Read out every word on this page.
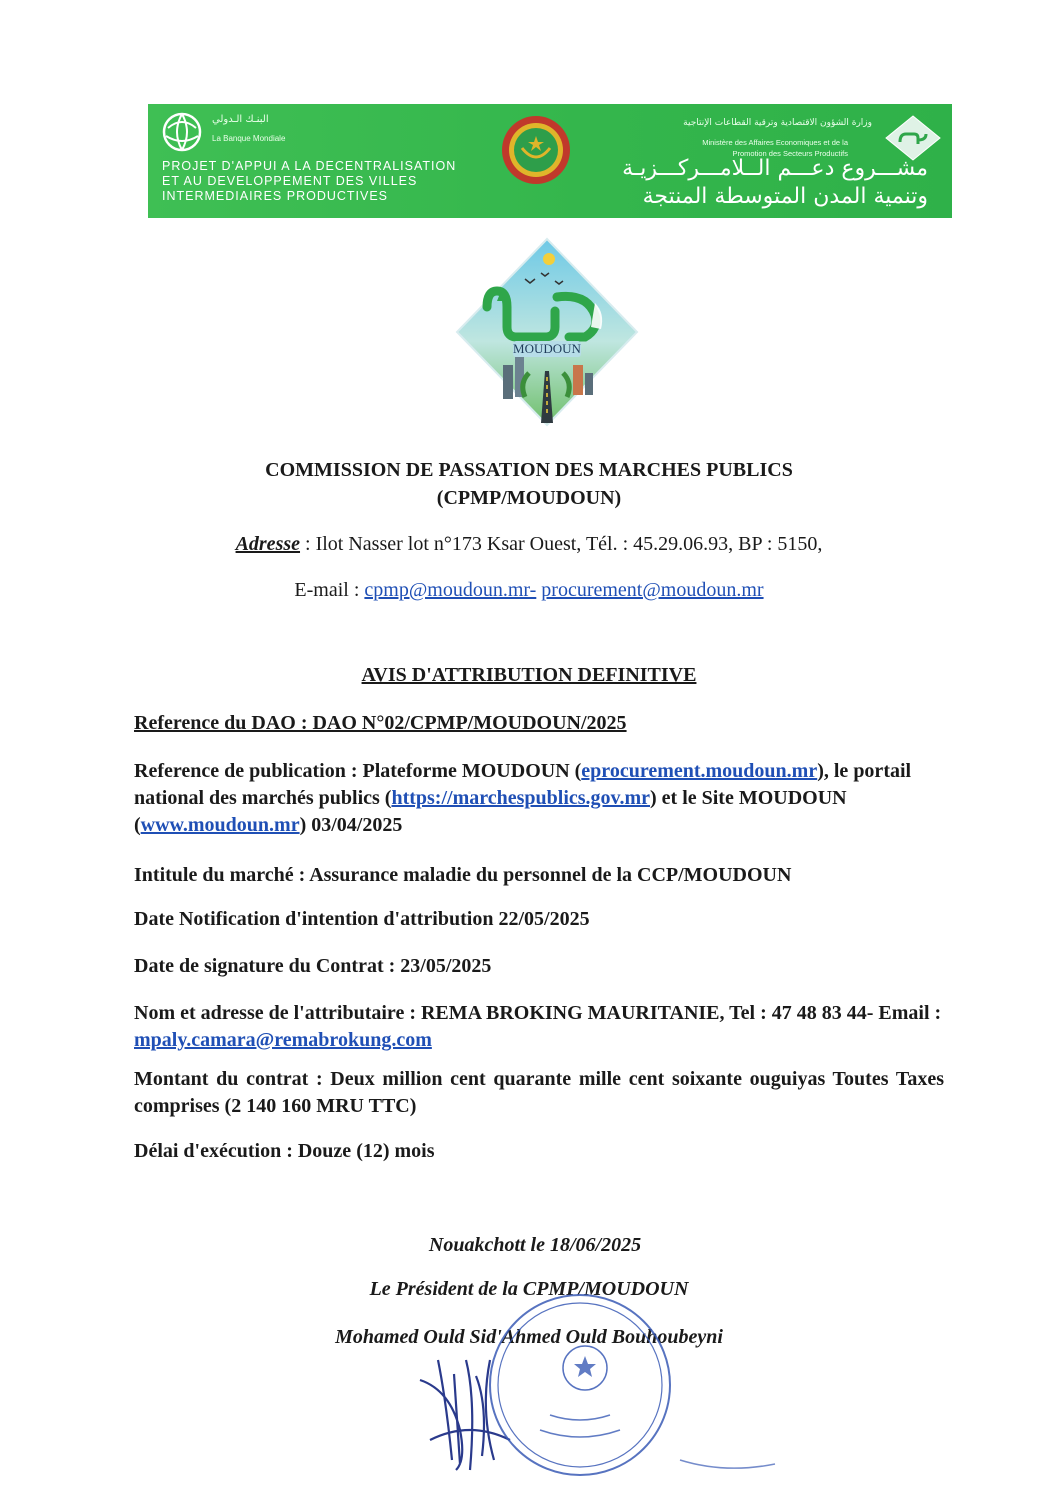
البنـك الـدولي
La Banque Mondiale
PROJET D'APPUI A LA DECENTRALISATION
ET AU DEVELOPPEMENT DES VILLES
INTERMEDIAIRES PRODUCTIVES
وزارة الشؤون الاقتصادية وترقية القطاعات الإنتاجية
Ministère des Affaires Economiques et de la
Promotion des Secteurs Productifs
مشـــروع دعـــم الــلامـــركـــزيـة
وتنمية المدن المتوسطة المنتجة
MOUDOUN
COMMISSION DE PASSATION DES MARCHES PUBLICS
(CPMP/MOUDOUN)
Adresse : Ilot Nasser lot n°173 Ksar Ouest, Tél. : 45.29.06.93, BP : 5150,
E-mail : cpmp@moudoun.mr- procurement@moudoun.mr
AVIS D'ATTRIBUTION DEFINITIVE
Reference du DAO : DAO N°02/CPMP/MOUDOUN/2025
Reference de publication : Plateforme MOUDOUN (eprocurement.moudoun.mr), le portail national des marchés publics (https://marchespublics.gov.mr) et le Site MOUDOUN (www.moudoun.mr) 03/04/2025
Intitule du marché : Assurance maladie du personnel de la CCP/MOUDOUN
Date Notification d'intention d'attribution 22/05/2025
Date de signature du Contrat : 23/05/2025
Nom et adresse de l'attributaire : REMA BROKING MAURITANIE, Tel : 47 48 83 44- Email : mpaly.camara@remabrokung.com
Montant du contrat : Deux million cent quarante mille cent soixante ouguiyas Toutes Taxes comprises (2 140 160 MRU TTC)
Délai d'exécution : Douze (12) mois
Nouakchott le 18/06/2025
Le Président de la CPMP/MOUDOUN
Mohamed Ould Sid'Ahmed Ould Bouhoubeyni
